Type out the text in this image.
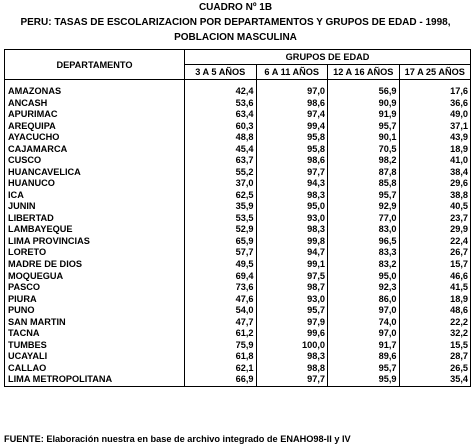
CUADRO Nº 1B
PERU: TASAS DE ESCOLARIZACION POR DEPARTAMENTOS Y GRUPOS DE EDAD - 1998,
POBLACION MASCULINA
DEPARTAMENTO	GRUPOS DE EDAD			
	3 A 5 AÑOS	6 A 11 AÑOS	12 A 16 AÑOS	17 A 25 AÑOS

AMAZONAS	42,4	97,0	56,9	17,6
ANCASH	53,6	98,6	90,9	36,6
APURIMAC	63,4	97,4	91,9	49,0
AREQUIPA	60,3	99,4	95,7	37,1
AYACUCHO	48,8	95,8	90,1	43,9
CAJAMARCA	45,4	95,8	70,5	18,9
CUSCO	63,7	98,6	98,2	41,0
HUANCAVELICA	55,2	97,7	87,8	38,4
HUANUCO	37,0	94,3	85,8	29,6
ICA	62,5	98,3	95,7	38,8
JUNIN	35,9	95,0	92,9	40,5
LIBERTAD	53,5	93,0	77,0	23,7
LAMBAYEQUE	52,9	98,3	83,0	29,9
LIMA PROVINCIAS	65,9	99,8	96,5	22,4
LORETO	57,7	94,7	83,3	26,7
MADRE DE DIOS	49,5	99,1	83,2	15,7
MOQUEGUA	69,4	97,5	95,0	46,6
PASCO	73,6	98,7	92,3	41,5
PIURA	47,6	93,0	86,0	18,9
PUNO	54,0	95,7	97,0	48,6
SAN MARTIN	47,7	97,9	74,0	22,2
TACNA	61,2	99,6	97,0	32,2
TUMBES	75,9	100,0	91,7	15,5
UCAYALI	61,8	98,3	89,6	28,7
CALLAO	62,1	98,8	95,7	26,5
LIMA METROPOLITANA	66,9	97,7	95,9	35,4
FUENTE: Elaboración nuestra en base de archivo integrado de ENAHO98-II y IV
